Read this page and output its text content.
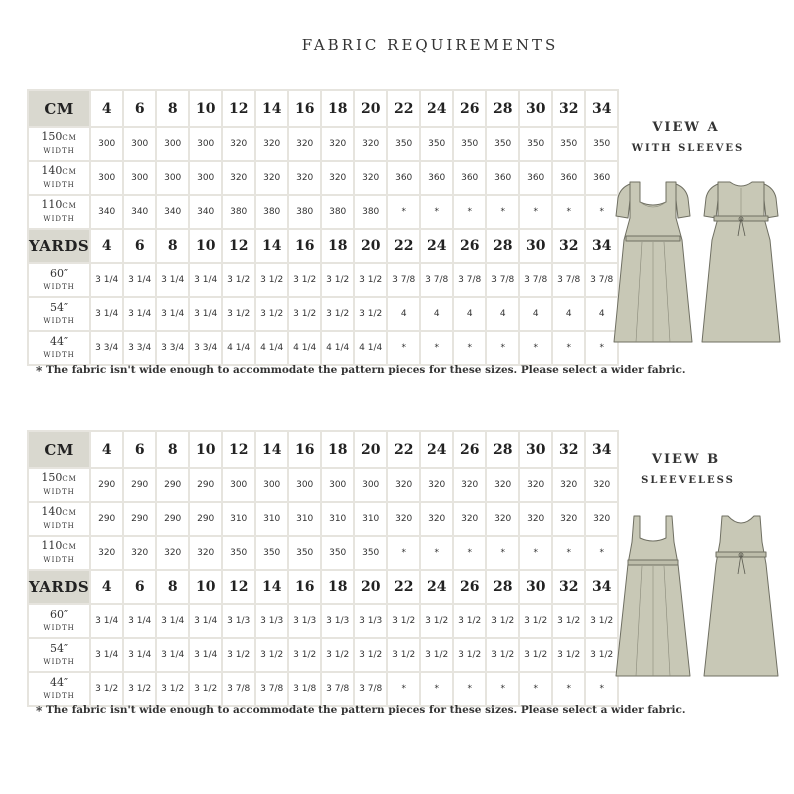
FABRIC REQUIREMENTS
CM	4	6	8	10	12	14	16	18	20	22	24	26	28	30	32	34
150CM
WIDTH	300	300	300	300	320	320	320	320	320	350	350	350	350	350	350	350
140CM
WIDTH	300	300	300	300	320	320	320	320	320	360	360	360	360	360	360	360
110CM
WIDTH	340	340	340	340	380	380	380	380	380	*	*	*	*	*	*	*
YARDS	4	6	8	10	12	14	16	18	20	22	24	26	28	30	32	34
60″
WIDTH	3 1/4	3 1/4	3 1/4	3 1/4	3 1/2	3 1/2	3 1/2	3 1/2	3 1/2	3 7/8	3 7/8	3 7/8	3 7/8	3 7/8	3 7/8	3 7/8
54″
WIDTH	3 1/4	3 1/4	3 1/4	3 1/4	3 1/2	3 1/2	3 1/2	3 1/2	3 1/2	4	4	4	4	4	4	4
44″
WIDTH	3 3/4	3 3/4	3 3/4	3 3/4	4 1/4	4 1/4	4 1/4	4 1/4	4 1/4	*	*	*	*	*	*	*
* The fabric isn't wide enough to accommodate the pattern pieces for these sizes. Please select a wider fabric.
CM	4	6	8	10	12	14	16	18	20	22	24	26	28	30	32	34
150CM
WIDTH	290	290	290	290	300	300	300	300	300	320	320	320	320	320	320	320
140CM
WIDTH	290	290	290	290	310	310	310	310	310	320	320	320	320	320	320	320
110CM
WIDTH	320	320	320	320	350	350	350	350	350	*	*	*	*	*	*	*
YARDS	4	6	8	10	12	14	16	18	20	22	24	26	28	30	32	34
60″
WIDTH	3 1/4	3 1/4	3 1/4	3 1/4	3 1/3	3 1/3	3 1/3	3 1/3	3 1/3	3 1/2	3 1/2	3 1/2	3 1/2	3 1/2	3 1/2	3 1/2
54″
WIDTH	3 1/4	3 1/4	3 1/4	3 1/4	3 1/2	3 1/2	3 1/2	3 1/2	3 1/2	3 1/2	3 1/2	3 1/2	3 1/2	3 1/2	3 1/2	3 1/2
44″
WIDTH	3 1/2	3 1/2	3 1/2	3 1/2	3 7/8	3 7/8	3 1/8	3 7/8	3 7/8	*	*	*	*	*	*	*
* The fabric isn't wide enough to accommodate the pattern pieces for these sizes. Please select a wider fabric.
VIEW A
WITH SLEEVES
VIEW B
SLEEVELESS
